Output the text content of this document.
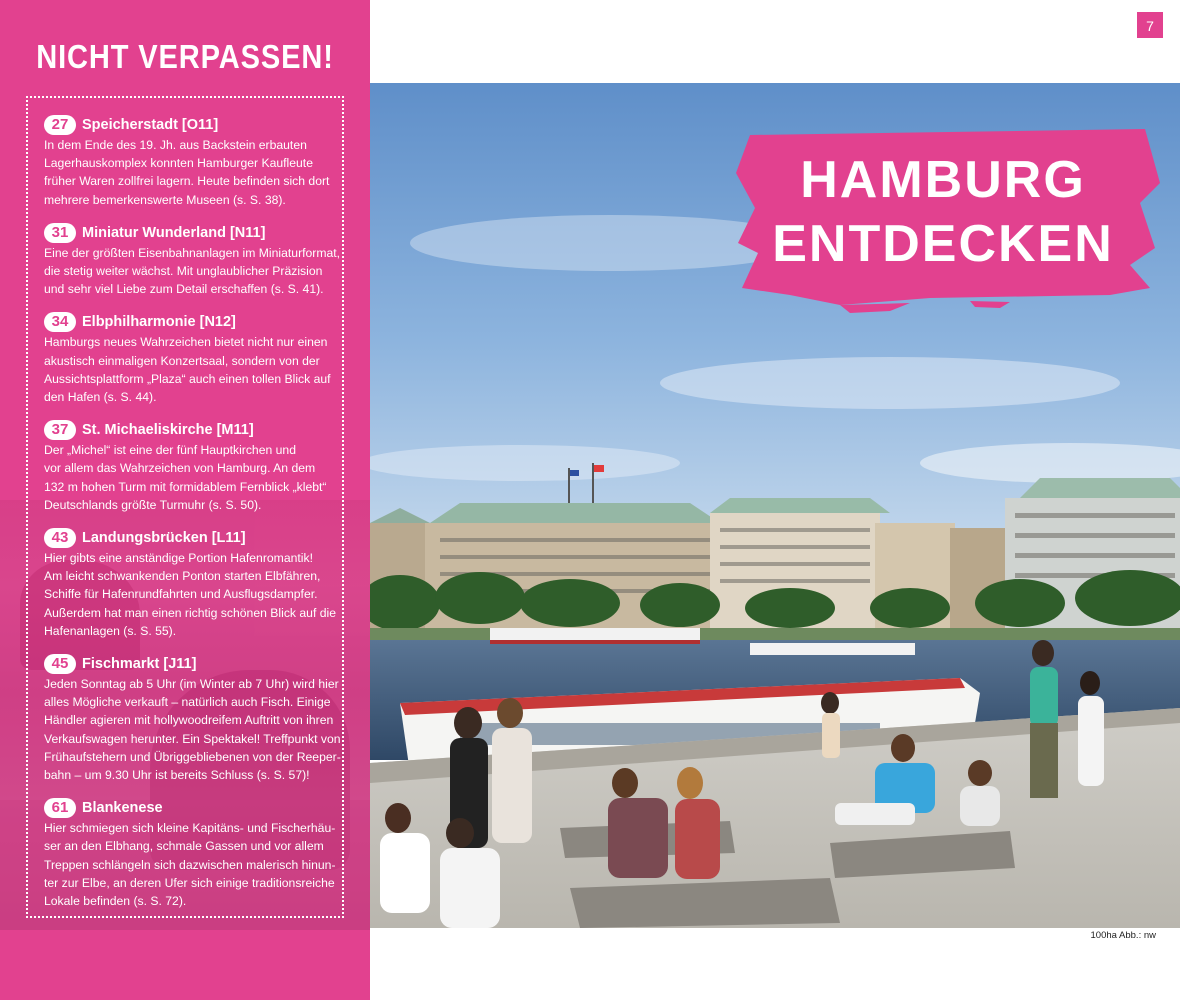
NICHT VERPASSEN!
27 Speicherstadt [O11]
In dem Ende des 19. Jh. aus Backstein erbauten
Lagerhauskomplex konnten Hamburger Kaufleute
früher Waren zollfrei lagern. Heute befinden sich dort
mehrere bemerkenswerte Museen (s. S. 38).
31 Miniatur Wunderland [N11]
Eine der größten Eisenbahnanlagen im Miniaturformat,
die stetig weiter wächst. Mit unglaublicher Präzision
und sehr viel Liebe zum Detail erschaffen (s. S. 41).
34 Elbphilharmonie [N12]
Hamburgs neues Wahrzeichen bietet nicht nur einen
akustisch einmaligen Konzertsaal, sondern von der
Aussichtsplattform „Plaza“ auch einen tollen Blick auf
den Hafen (s. S. 44).
37 St. Michaeliskirche [M11]
Der „Michel“ ist eine der fünf Hauptkirchen und
vor allem das Wahrzeichen von Hamburg. An dem
132 m hohen Turm mit formidablem Fernblick „klebt“
Deutschlands größte Turmuhr (s. S. 50).
43 Landungsbrücken [L11]
Hier gibts eine anständige Portion Hafenromantik!
Am leicht schwankenden Ponton starten Elbfähren,
Schiffe für Hafenrundfahrten und Ausflugsdampfer.
Außerdem hat man einen richtig schönen Blick auf die
Hafenanlagen (s. S. 55).
45 Fischmarkt [J11]
Jeden Sonntag ab 5 Uhr (im Winter ab 7 Uhr) wird hier
alles Mögliche verkauft – natürlich auch Fisch. Einige
Händler agieren mit hollywoodreifem Auftritt von ihren
Verkaufswagen herunter. Ein Spektakel! Treffpunkt von
Frühaufstehern und Übriggebliebenen von der Reeper-
bahn – um 9.30 Uhr ist bereits Schluss (s. S. 57)!
61 Blankenese
Hier schmiegen sich kleine Kapitäns- und Fischerhäu-
ser an den Elbhang, schmale Gassen und vor allem
Treppen schlängeln sich dazwischen malerisch hinun-
ter zur Elbe, an deren Ufer sich einige traditionsreiche
Lokale befinden (s. S. 72).
7
HAMBURG
ENTDECKEN
100ha Abb.: nw
